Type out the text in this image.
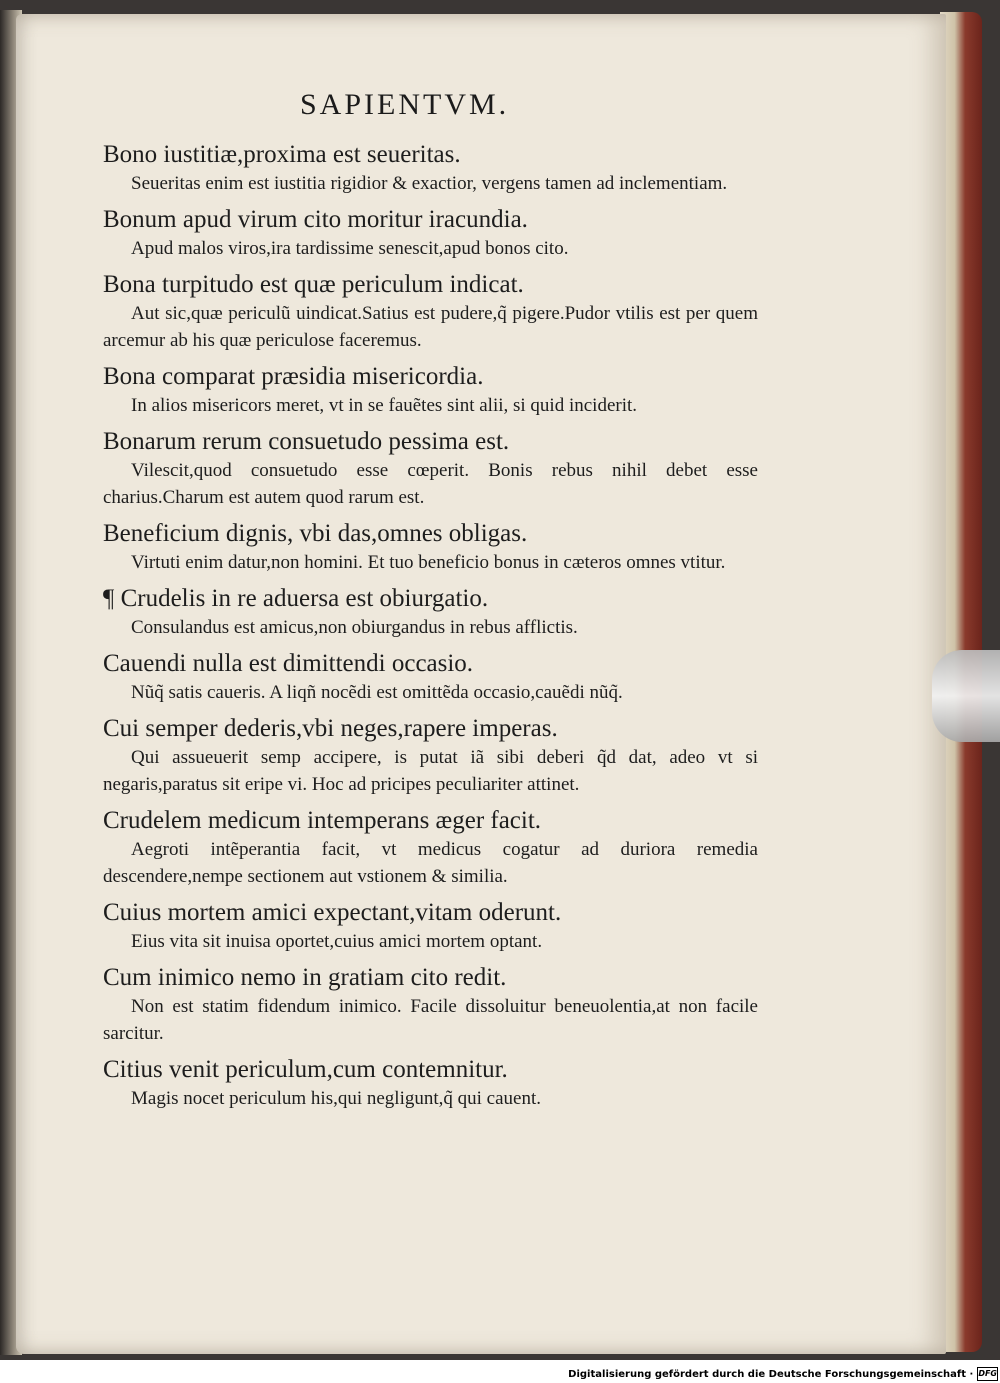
SAPIENTVM.

Bono iustitiæ,proxima est seueritas.

Seueritas enim est iustitia rigidior & exactior, vergens tamen ad inclementiam.

Bonum apud virum cito moritur iracundia.

Apud malos viros,ira tardissime senescit,apud bonos cito.

Bona turpitudo est quæ periculum indicat.

Aut sic,quæ periculũ uindicat.Satius est pudere,q̃ pigere.Pudor vtilis est per quem arcemur ab his quæ periculose faceremus.

Bona comparat præsidia misericordia.

In alios misericors meret, vt in se fauẽtes sint alii, si quid inciderit.

Bonarum rerum consuetudo pessima est.

Vilescit,quod consuetudo esse cœperit. Bonis rebus nihil debet esse charius.Charum est autem quod rarum est.

Beneficium dignis, vbi das,omnes obligas.

Virtuti enim datur,non homini. Et tuo beneficio bonus in cæteros omnes vtitur.

¶ Crudelis in re aduersa est obiurgatio.

Consulandus est amicus,non obiurgandus in rebus afflictis.

Cauendi nulla est dimittendi occasio.

Nũq̃ satis caueris. A liqñ nocẽdi est omittẽda occasio,cauẽdi nũq̃.

Cui semper dederis,vbi neges,rapere imperas.

Qui assueuerit semp accipere, is putat iã sibi deberi q̃d dat, adeo vt si negaris,paratus sit eripe vi. Hoc ad pricipes peculiariter attinet.

Crudelem medicum intemperans æger facit.

Aegroti intẽperantia facit, vt medicus cogatur ad duriora remedia descendere,nempe sectionem aut vstionem & similia.

Cuius mortem amici expectant,vitam oderunt.

Eius vita sit inuisa oportet,cuius amici mortem optant.

Cum inimico nemo in gratiam cito redit.

Non est statim fidendum inimico. Facile dissoluitur beneuolentia,at non facile sarcitur.

Citius venit periculum,cum contemnitur.

Magis nocet periculum his,qui negligunt,q̃ qui cauent.

Digitalisierung gefördert durch die Deutsche Forschungsgemeinschaft · DFG
